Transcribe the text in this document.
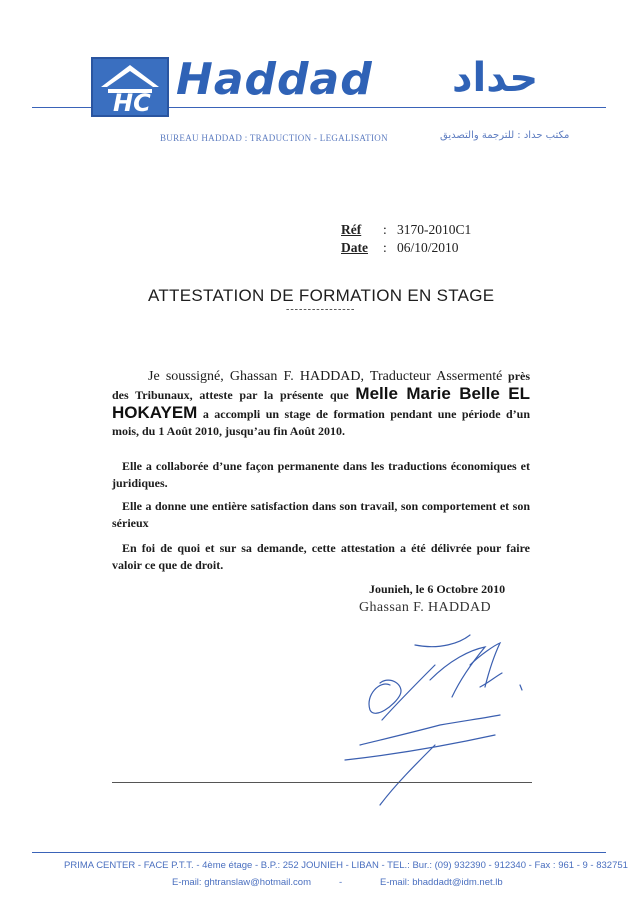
HC Haddad حداد
BUREAU HADDAD : TRADUCTION - LEGALISATION	مكتب حداد : للترجمة والتصديق
Réf : 3170-2010C1
Date : 06/10/2010
ATTESTATION DE FORMATION EN STAGE
----------------
Je soussigné, Ghassan F. HADDAD, Traducteur Assermenté près des Tribunaux, atteste par la présente que Melle Marie Belle EL HOKAYEM a accompli un stage de formation pendant une période d’un mois, du 1 Août 2010, jusqu’au fin Août 2010.
Elle a collaborée d’une façon permanente dans les traductions économiques et juridiques.
Elle a donne une entière satisfaction dans son travail, son comportement et son sérieux
En foi de quoi et sur sa demande, cette attestation a été délivrée pour faire valoir ce que de droit.
Jounieh, le 6 Octobre 2010
Ghassan F. HADDAD
PRIMA CENTER - FACE P.T.T. - 4ème étage - B.P.: 252 JOUNIEH - LIBAN - TEL.: Bur.: (09) 932390 - 912340 - Fax : 961 - 9 - 832751
E-mail: ghtranslaw@hotmail.com	-	E-mail: bhaddadt@idm.net.lb
